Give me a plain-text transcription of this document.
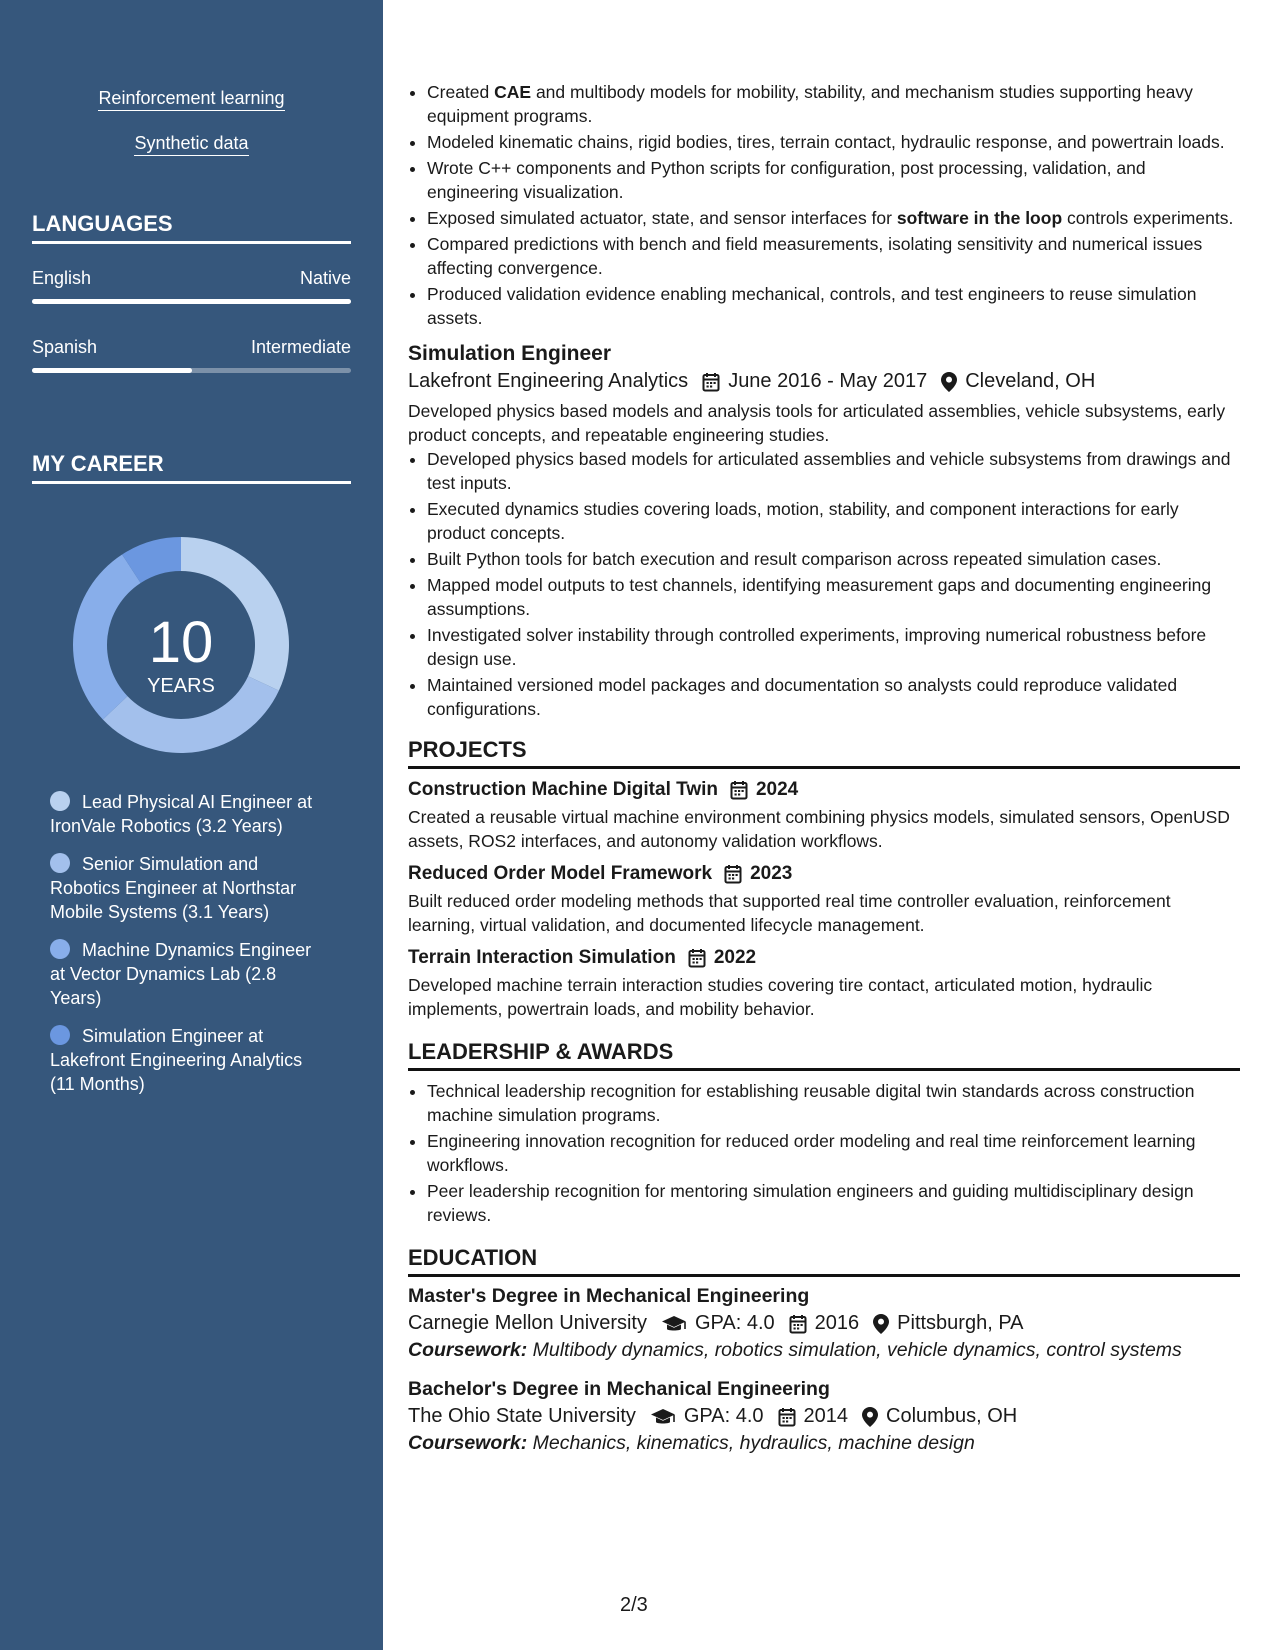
Reinforcement learning
Synthetic data
LANGUAGES
English	Native
Spanish	Intermediate
MY CAREER
10
YEARS
Lead Physical AI Engineer at IronVale Robotics (3.2 Years)
Senior Simulation and Robotics Engineer at Northstar Mobile Systems (3.1 Years)
Machine Dynamics Engineer at Vector Dynamics Lab (2.8 Years)
Simulation Engineer at Lakefront Engineering Analytics (11 Months)
• Created CAE and multibody models for mobility, stability, and mechanism studies supporting heavy equipment programs.
• Modeled kinematic chains, rigid bodies, tires, terrain contact, hydraulic response, and powertrain loads.
• Wrote C++ components and Python scripts for configuration, post processing, validation, and engineering visualization.
• Exposed simulated actuator, state, and sensor interfaces for software in the loop controls experiments.
• Compared predictions with bench and field measurements, isolating sensitivity and numerical issues affecting convergence.
• Produced validation evidence enabling mechanical, controls, and test engineers to reuse simulation assets.
Simulation Engineer
Lakefront Engineering Analytics June 2016 - May 2017 Cleveland, OH
Developed physics based models and analysis tools for articulated assemblies, vehicle subsystems, early product concepts, and repeatable engineering studies.
• Developed physics based models for articulated assemblies and vehicle subsystems from drawings and test inputs.
• Executed dynamics studies covering loads, motion, stability, and component interactions for early product concepts.
• Built Python tools for batch execution and result comparison across repeated simulation cases.
• Mapped model outputs to test channels, identifying measurement gaps and documenting engineering assumptions.
• Investigated solver instability through controlled experiments, improving numerical robustness before design use.
• Maintained versioned model packages and documentation so analysts could reproduce validated configurations.
PROJECTS
Construction Machine Digital Twin 2024
Created a reusable virtual machine environment combining physics models, simulated sensors, OpenUSD assets, ROS2 interfaces, and autonomy validation workflows.
Reduced Order Model Framework 2023
Built reduced order modeling methods that supported real time controller evaluation, reinforcement learning, virtual validation, and documented lifecycle management.
Terrain Interaction Simulation 2022
Developed machine terrain interaction studies covering tire contact, articulated motion, hydraulic implements, powertrain loads, and mobility behavior.
LEADERSHIP & AWARDS
• Technical leadership recognition for establishing reusable digital twin standards across construction machine simulation programs.
• Engineering innovation recognition for reduced order modeling and real time reinforcement learning workflows.
• Peer leadership recognition for mentoring simulation engineers and guiding multidisciplinary design reviews.
EDUCATION
Master's Degree in Mechanical Engineering
Carnegie Mellon University GPA: 4.0 2016 Pittsburgh, PA
Coursework: Multibody dynamics, robotics simulation, vehicle dynamics, control systems
Bachelor's Degree in Mechanical Engineering
The Ohio State University GPA: 4.0 2014 Columbus, OH
Coursework: Mechanics, kinematics, hydraulics, machine design
2/3
